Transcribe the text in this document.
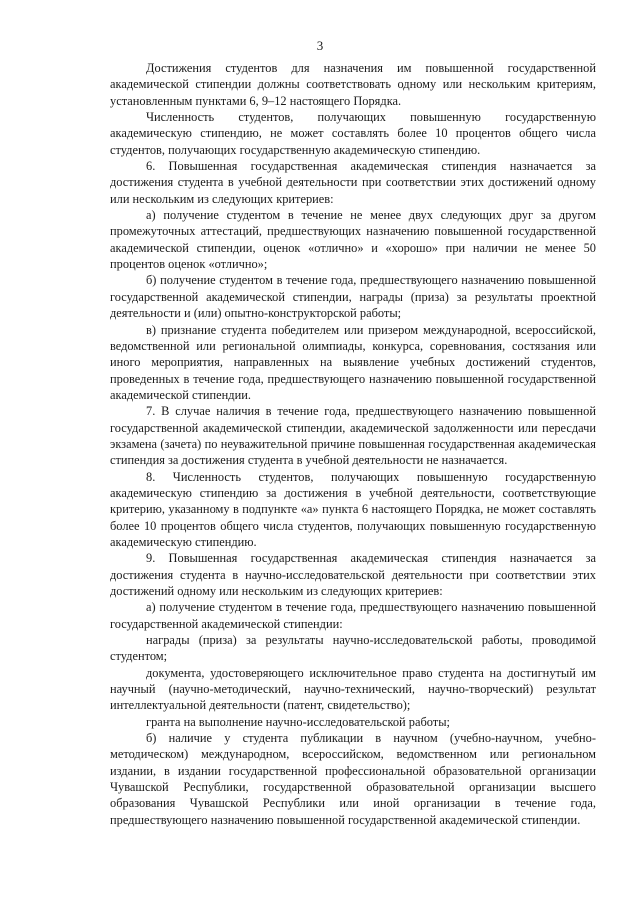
3

Достижения студентов для назначения им повышенной государственной академической стипендии должны соответствовать одному или нескольким критериям, установленным пунктами 6, 9–12 настоящего Порядка.

Численность студентов, получающих повышенную государственную академическую стипендию, не может составлять более 10 процентов общего числа студентов, получающих государственную академическую стипендию.

6. Повышенная государственная академическая стипендия назначается за достижения студента в учебной деятельности при соответствии этих достижений одному или нескольким из следующих критериев:

а) получение студентом в течение не менее двух следующих друг за другом промежуточных аттестаций, предшествующих назначению повышенной государственной академической стипендии, оценок «отлично» и «хорошо» при наличии не менее 50 процентов оценок «отлично»;

б) получение студентом в течение года, предшествующего назначению повышенной государственной академической стипендии, награды (приза) за результаты проектной деятельности и (или) опытно-конструкторской работы;

в) признание студента победителем или призером международной, всероссийской, ведомственной или региональной олимпиады, конкурса, соревнования, состязания или иного мероприятия, направленных на выявление учебных достижений студентов, проведенных в течение года, предшествующего назначению повышенной государственной академической стипендии.

7. В случае наличия в течение года, предшествующего назначению повышенной государственной академической стипендии, академической задолженности или пересдачи экзамена (зачета) по неуважительной причине повышенная государственная академическая стипендия за достижения студента в учебной деятельности не назначается.

8. Численность студентов, получающих повышенную государственную академическую стипендию за достижения в учебной деятельности, соответствующие критерию, указанному в подпункте «а» пункта 6 настоящего Порядка, не может составлять более 10 процентов общего числа студентов, получающих повышенную государственную академическую стипендию.

9. Повышенная государственная академическая стипендия назначается за достижения студента в научно-исследовательской деятельности при соответствии этих достижений одному или нескольким из следующих критериев:

а) получение студентом в течение года, предшествующего назначению повышенной государственной академической стипендии:

награды (приза) за результаты научно-исследовательской работы, проводимой студентом;

документа, удостоверяющего исключительное право студента на достигнутый им научный (научно-методический, научно-технический, научно-творческий) результат интеллектуальной деятельности (патент, свидетельство);

гранта на выполнение научно-исследовательской работы;

б) наличие у студента публикации в научном (учебно-научном, учебно-методическом) международном, всероссийском, ведомственном или региональном издании, в издании государственной профессиональной образовательной организации Чувашской Республики, государственной образовательной организации высшего образования Чувашской Республики или иной организации в течение года, предшествующего назначению повышенной государственной академической стипендии.
